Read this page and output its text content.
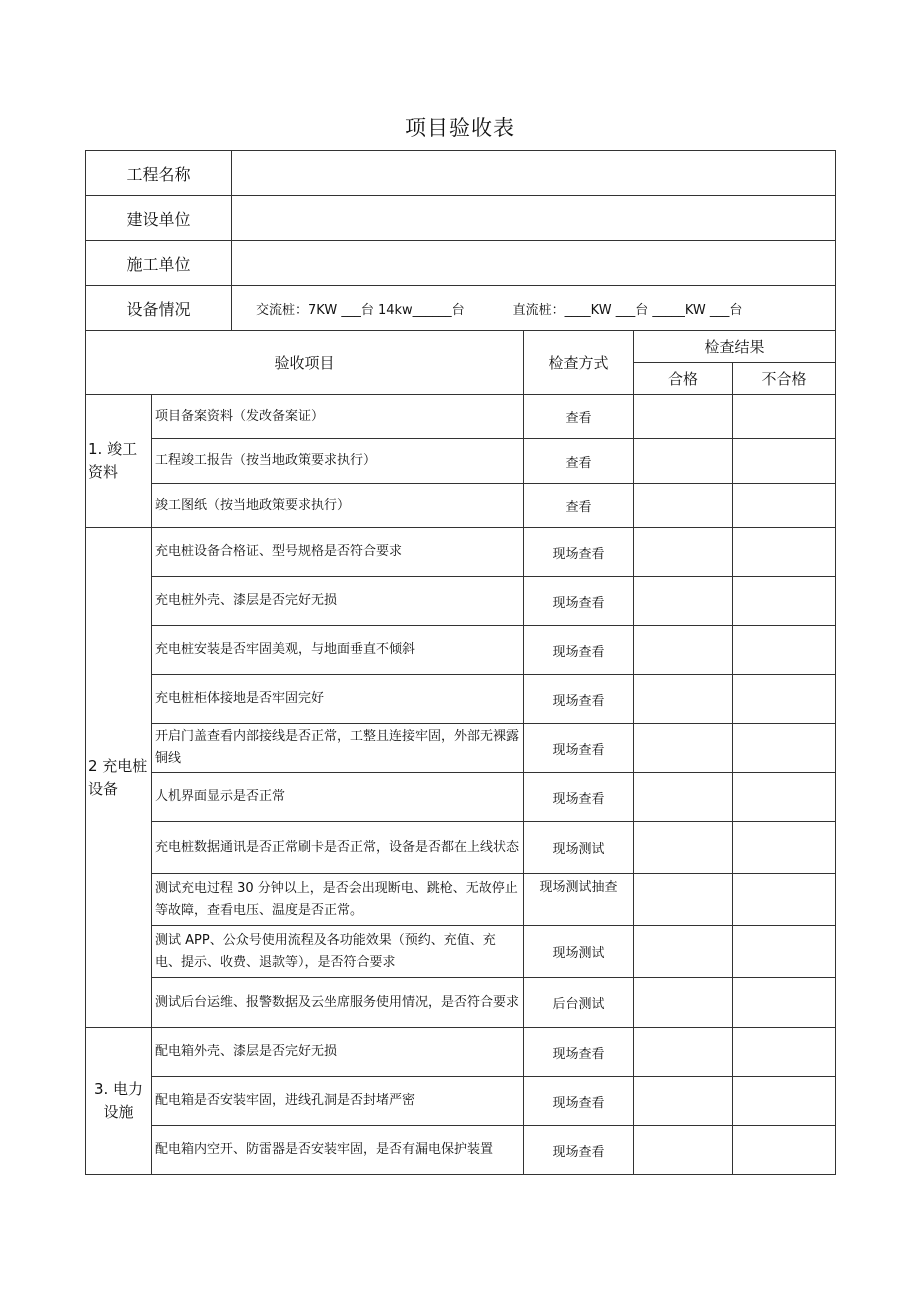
项目验收表
工程名称					
建设单位					
施工单位					
设备情况		交流桩：7KW ___台 14kw______台 直流桩：____KW ___台 _____KW ___台			

验收项目			检查方式	检查结果	
				合格	不合格
1. 竣工资料	项目备案资料（发改备案证）		查看		
	工程竣工报告（按当地政策要求执行）		查看		
	竣工图纸（按当地政策要求执行）		查看		
2 充电桩设备	充电桩设备合格证、型号规格是否符合要求		现场查看		
	充电桩外壳、漆层是否完好无损		现场查看		
	充电桩安装是否牢固美观，与地面垂直不倾斜		现场查看		
	充电桩柜体接地是否牢固完好		现场查看		
	开启门盖查看内部接线是否正常，工整且连接牢固，外部无裸露铜线		现场查看		
	人机界面显示是否正常		现场查看		
	充电桩数据通讯是否正常刷卡是否正常，设备是否都在上线状态		现场测试		
	测试充电过程 30 分钟以上，是否会出现断电、跳枪、无故停止等故障，查看电压、温度是否正常。		现场测试抽查		
	测试 APP、公众号使用流程及各功能效果（预约、充值、充电、提示、收费、退款等），是否符合要求		现场测试		
	测试后台运维、报警数据及云坐席服务使用情况，是否符合要求		后台测试		
3. 电力设施	配电箱外壳、漆层是否完好无损		现场查看		
	配电箱是否安装牢固，进线孔洞是否封堵严密		现场查看		
	配电箱内空开、防雷器是否安装牢固，是否有漏电保护装置		现场查看		
